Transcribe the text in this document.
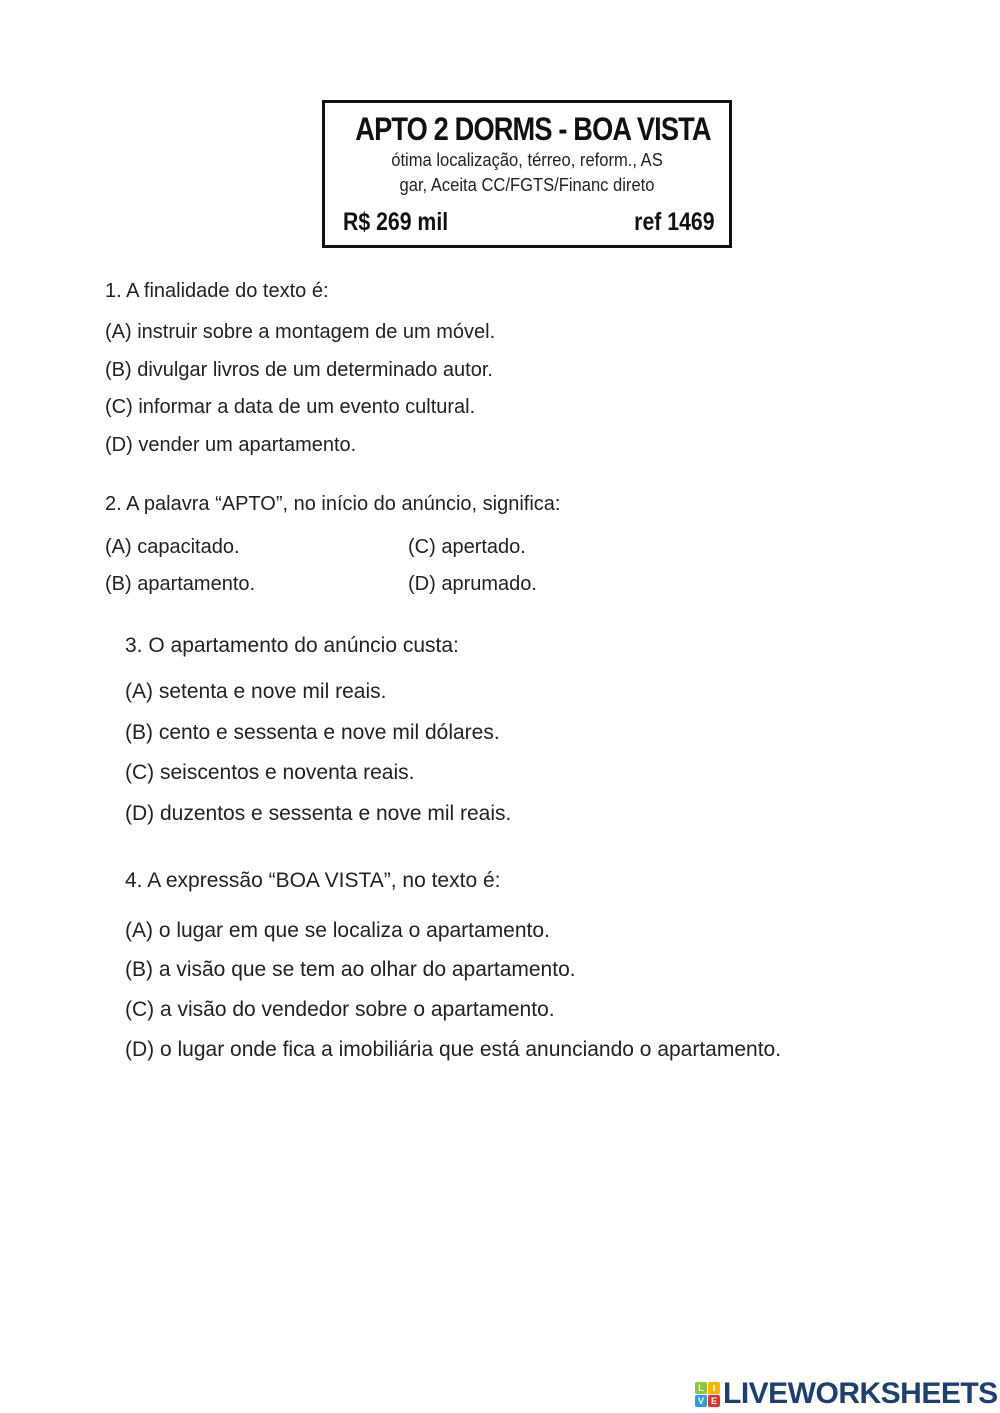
APTO 2 DORMS - BOA VISTA
ótima localização, térreo, reform., AS
gar, Aceita CC/FGTS/Financ direto
R$ 269 mil	ref 1469
1. A finalidade do texto é:
(A) instruir sobre a montagem de um móvel.
(B) divulgar livros de um determinado autor.
(C) informar a data de um evento cultural.
(D) vender um apartamento.
2. A palavra “APTO”, no início do anúncio, significa:
(A) capacitado.
(B) apartamento.
(C) apertado.
(D) aprumado.
3. O apartamento do anúncio custa:
(A) setenta e nove mil reais.
(B) cento e sessenta e nove mil dólares.
(C) seiscentos e noventa reais.
(D) duzentos e sessenta e nove mil reais.
4. A expressão “BOA VISTA”, no texto é:
(A) o lugar em que se localiza o apartamento.
(B) a visão que se tem ao olhar do apartamento.
(C) a visão do vendedor sobre o apartamento.
(D) o lugar onde fica a imobiliária que está anunciando o apartamento.
L I
V E LIVEWORKSHEETS
